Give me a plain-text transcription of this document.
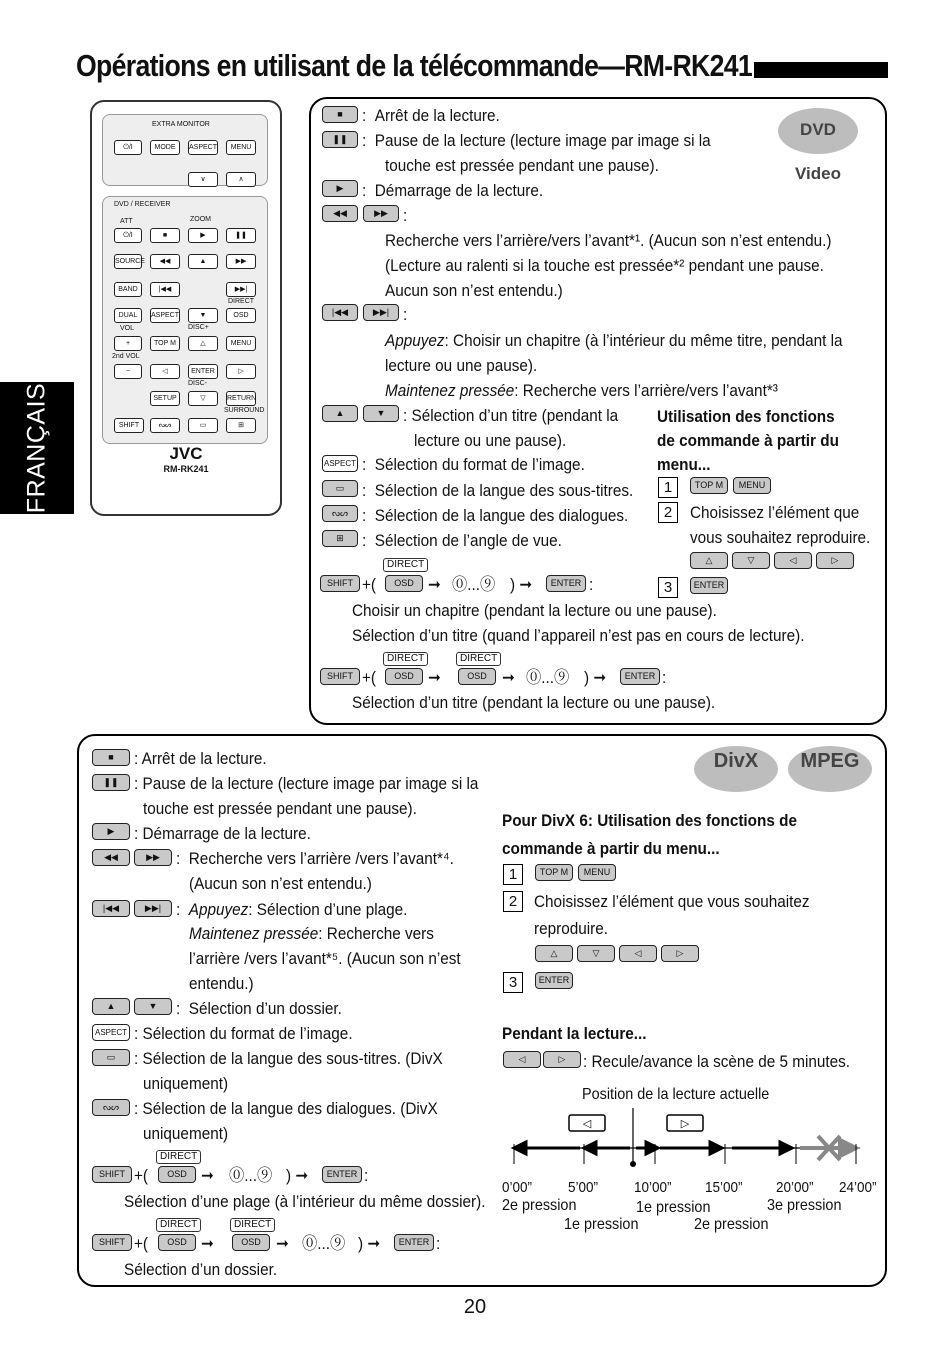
Opérations en utilisant de la télécommande—RM-RK241
FRANÇAIS
EXTRA MONITOR
⏻/I	MODE	ASPECT	MENU
∨	∧
DVD / RECEIVER
ATT	ZOOM
⏻/I	■	▶	❚❚
SOURCE	◀◀	▲	▶▶
BAND	|◀◀	▶▶|
DIRECT
DUAL	ASPECT	▼	OSD
VOL	DISC+
+	TOP M	△	MENU
2nd VOL
−	◁	ENTER	▷
DISC-
SETUP	▽	RETURN
SURROUND
SHIFT	ᔓᔕ	▭	⊞
JVC
RM-RK241
DVD Video
■	:  Arrêt de la lecture.
❚❚ :  Pause de la lecture (lecture image par image si la
touche est pressée pendant une pause).
▶	:  Démarrage de la lecture.
◀◀	▶▶ :
Recherche vers l’arrière/vers l’avant*¹. (Aucun son n’est entendu.)
(Lecture au ralenti si la touche est pressée*² pendant une pause.
Aucun son n’est entendu.)
|◀◀	▶▶| :
Appuyez: Choisir un chapitre (à l’intérieur du même titre, pendant la
lecture ou une pause).
Maintenez pressée: Recherche vers l’arrière/vers l’avant*³
▲	▼	: Sélection d’un titre (pendant la
lecture ou une pause).
ASPECT :  Sélection du format de l’image.
▭	:  Sélection de la langue des sous-titres.
ᔓᔕ :  Sélection de la langue des dialogues.
⊞	:  Sélection de l’angle de vue.
DIRECT
SHIFT +(	OSD ➞ ⓪...⑨ ) ➞	ENTER :
Choisir un chapitre (pendant la lecture ou une pause).
Sélection d’un titre (quand l’appareil n’est pas en cours de lecture).
DIRECT	DIRECT
SHIFT +(	OSD ➞	OSD ➞ ⓪...⑨ ) ➞	ENTER :
Sélection d’un titre (pendant la lecture ou une pause).
Utilisation des fonctions
de commande à partir du
menu...
1	TOP M	MENU
2	Choisissez l’élément que
vous souhaitez reproduire.
△	▽	◁	▷
3	ENTER
DivX	MPEG
■	: Arrêt de la lecture.
❚❚ : Pause de la lecture (lecture image par image si la
touche est pressée pendant une pause).
▶	: Démarrage de la lecture.
◀◀	▶▶ :  Recherche vers l’arrière /vers l’avant*⁴.
(Aucun son n’est entendu.)
|◀◀	▶▶| :  Appuyez: Sélection d’une plage.
Maintenez pressée: Recherche vers
l’arrière /vers l’avant*⁵. (Aucun son n’est
entendu.)
▲	▼	:  Sélection d’un dossier.
ASPECT : Sélection du format de l’image.
▭	: Sélection de la langue des sous-titres. (DivX
uniquement)
ᔓᔕ : Sélection de la langue des dialogues. (DivX
uniquement)
DIRECT
SHIFT +(	OSD ➞ ⓪...⑨ ) ➞	ENTER :
Sélection d’une plage (à l’intérieur du même dossier).
DIRECT	DIRECT
SHIFT +(	OSD ➞	OSD ➞ ⓪...⑨ ) ➞	ENTER :
Sélection d’un dossier.
Pour DivX 6: Utilisation des fonctions de
commande à partir du menu...
1	TOP M	MENU
2 Choisissez l’élément que vous souhaitez
reproduire.
△	▽	◁	▷
3	ENTER
Pendant la lecture...
◁	▷	: Recule/avance la scène de 5 minutes.
Position de la lecture actuelle
◁	▷
0’00” 5’00” 10’00” 15’00” 20’00” 24’00”
2e pression
1e pression
1e pression
2e pression
3e pression
20
